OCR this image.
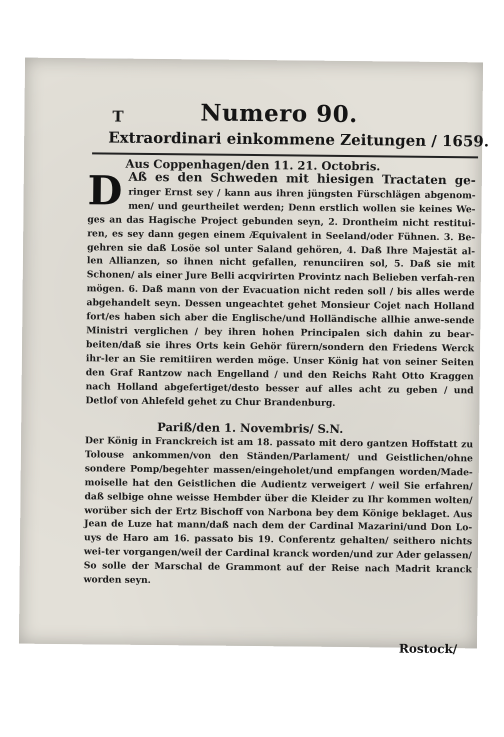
T	Numero 90.
Extraordinari einkommene Zeitungen / 1659.
Aus Coppenhagen/den 11. 21. Octobris.
D Aß es den Schweden mit hiesigen Tractaten ge- ringer Ernst sey / kann aus ihren jüngsten Fürschlägen abgenom-men/ und geurtheilet werden; Denn erstlich wollen sie keines We-ges an das Hagische Project gebunden seyn, 2. Drontheim nicht restitui-ren, es sey dann gegen einem Æquivalent in Seeland/oder Fühnen. 3. Be-gehren sie daß Losöe sol unter Saland gehören, 4. Daß Ihre Majestät al-len Allianzen, so ihnen nicht gefallen, renunciiren sol, 5. Daß sie mit Schonen/ als einer Jure Belli acqvirirten Provintz nach Belieben verfah-ren mögen. 6. Daß mann von der Evacuation nicht reden soll / bis alles werde abgehandelt seyn. Dessen ungeachtet gehet Monsieur Cojet nach Holland fort/es haben sich aber die Englische/und Holländische allhie anwe-sende Ministri verglichen / bey ihren hohen Principalen sich dahin zu bear-beiten/daß sie ihres Orts kein Gehör fürern/sondern den Friedens Werck ihr-ler an Sie remitiiren werden möge. Unser König hat von seiner Seiten den Graf Rantzow nach Engelland / und den Reichs Raht Otto Kraggen nach Holland abgefertiget/desto besser auf alles acht zu geben / und Detlof von Ahlefeld gehet zu Chur Brandenburg.
Pariß/den 1. Novembris/ S.N.
Der König in Franckreich ist am 18. passato mit dero gantzen Hoffstatt zu Tolouse ankommen/von den Ständen/Parlament/ und Geistlichen/ohne sondere Pomp/begehter massen/eingeholet/und empfangen worden/Made-moiselle hat den Geistlichen die Audientz verweigert / weil Sie erfahren/ daß selbige ohne weisse Hembder über die Kleider zu Ihr kommen wolten/ worüber sich der Ertz Bischoff von Narbona bey dem Könige beklaget. Aus Jean de Luze hat mann/daß nach dem der Cardinal Mazarini/und Don Lo-uys de Haro am 16. passato bis 19. Conferentz gehalten/ seithero nichts wei-ter vorgangen/weil der Cardinal kranck worden/und zur Ader gelassen/ So solle der Marschal de Grammont auf der Reise nach Madrit kranck worden seyn.
Rostock/
